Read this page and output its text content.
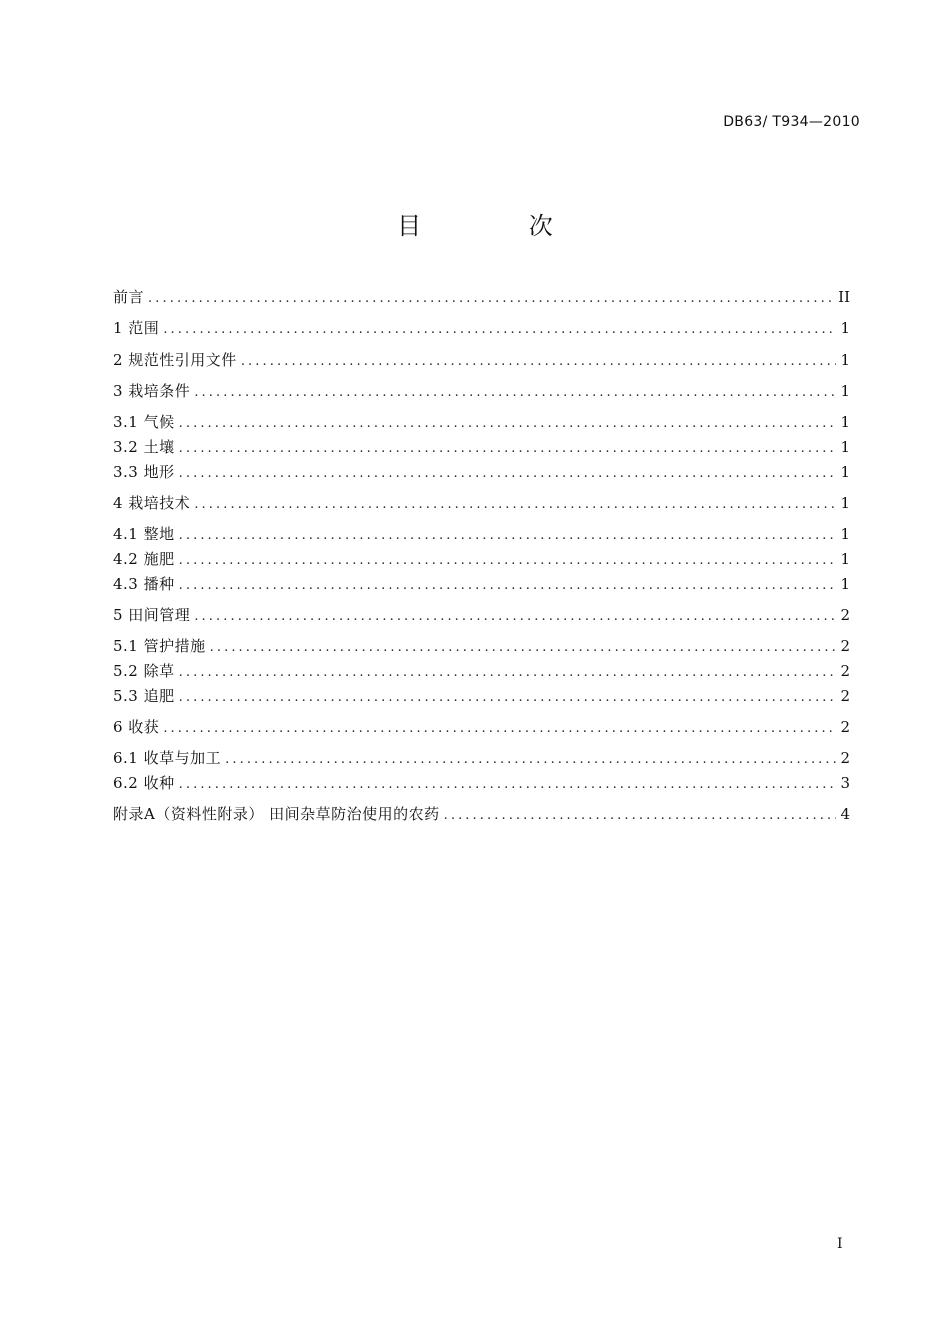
DB63/ T934—2010
目 次
前言 .....	II
1 范围 .....	1
2 规范性引用文件 .....	1
3 栽培条件 .....	1
3.1 气候 .....	1
3.2 土壤 .....	1
3.3 地形 .....	1
4 栽培技术 .....	1
4.1 整地 .....	1
4.2 施肥 .....	1
4.3 播种 .....	1
5 田间管理 .....	2
5.1 管护措施 .....	2
5.2 除草 .....	2
5.3 追肥 .....	2
6 收获 .....	2
6.1 收草与加工 .....	2
6.2 收种 .....	3
附录A（资料性附录） 田间杂草防治使用的农药 .....	4
I
